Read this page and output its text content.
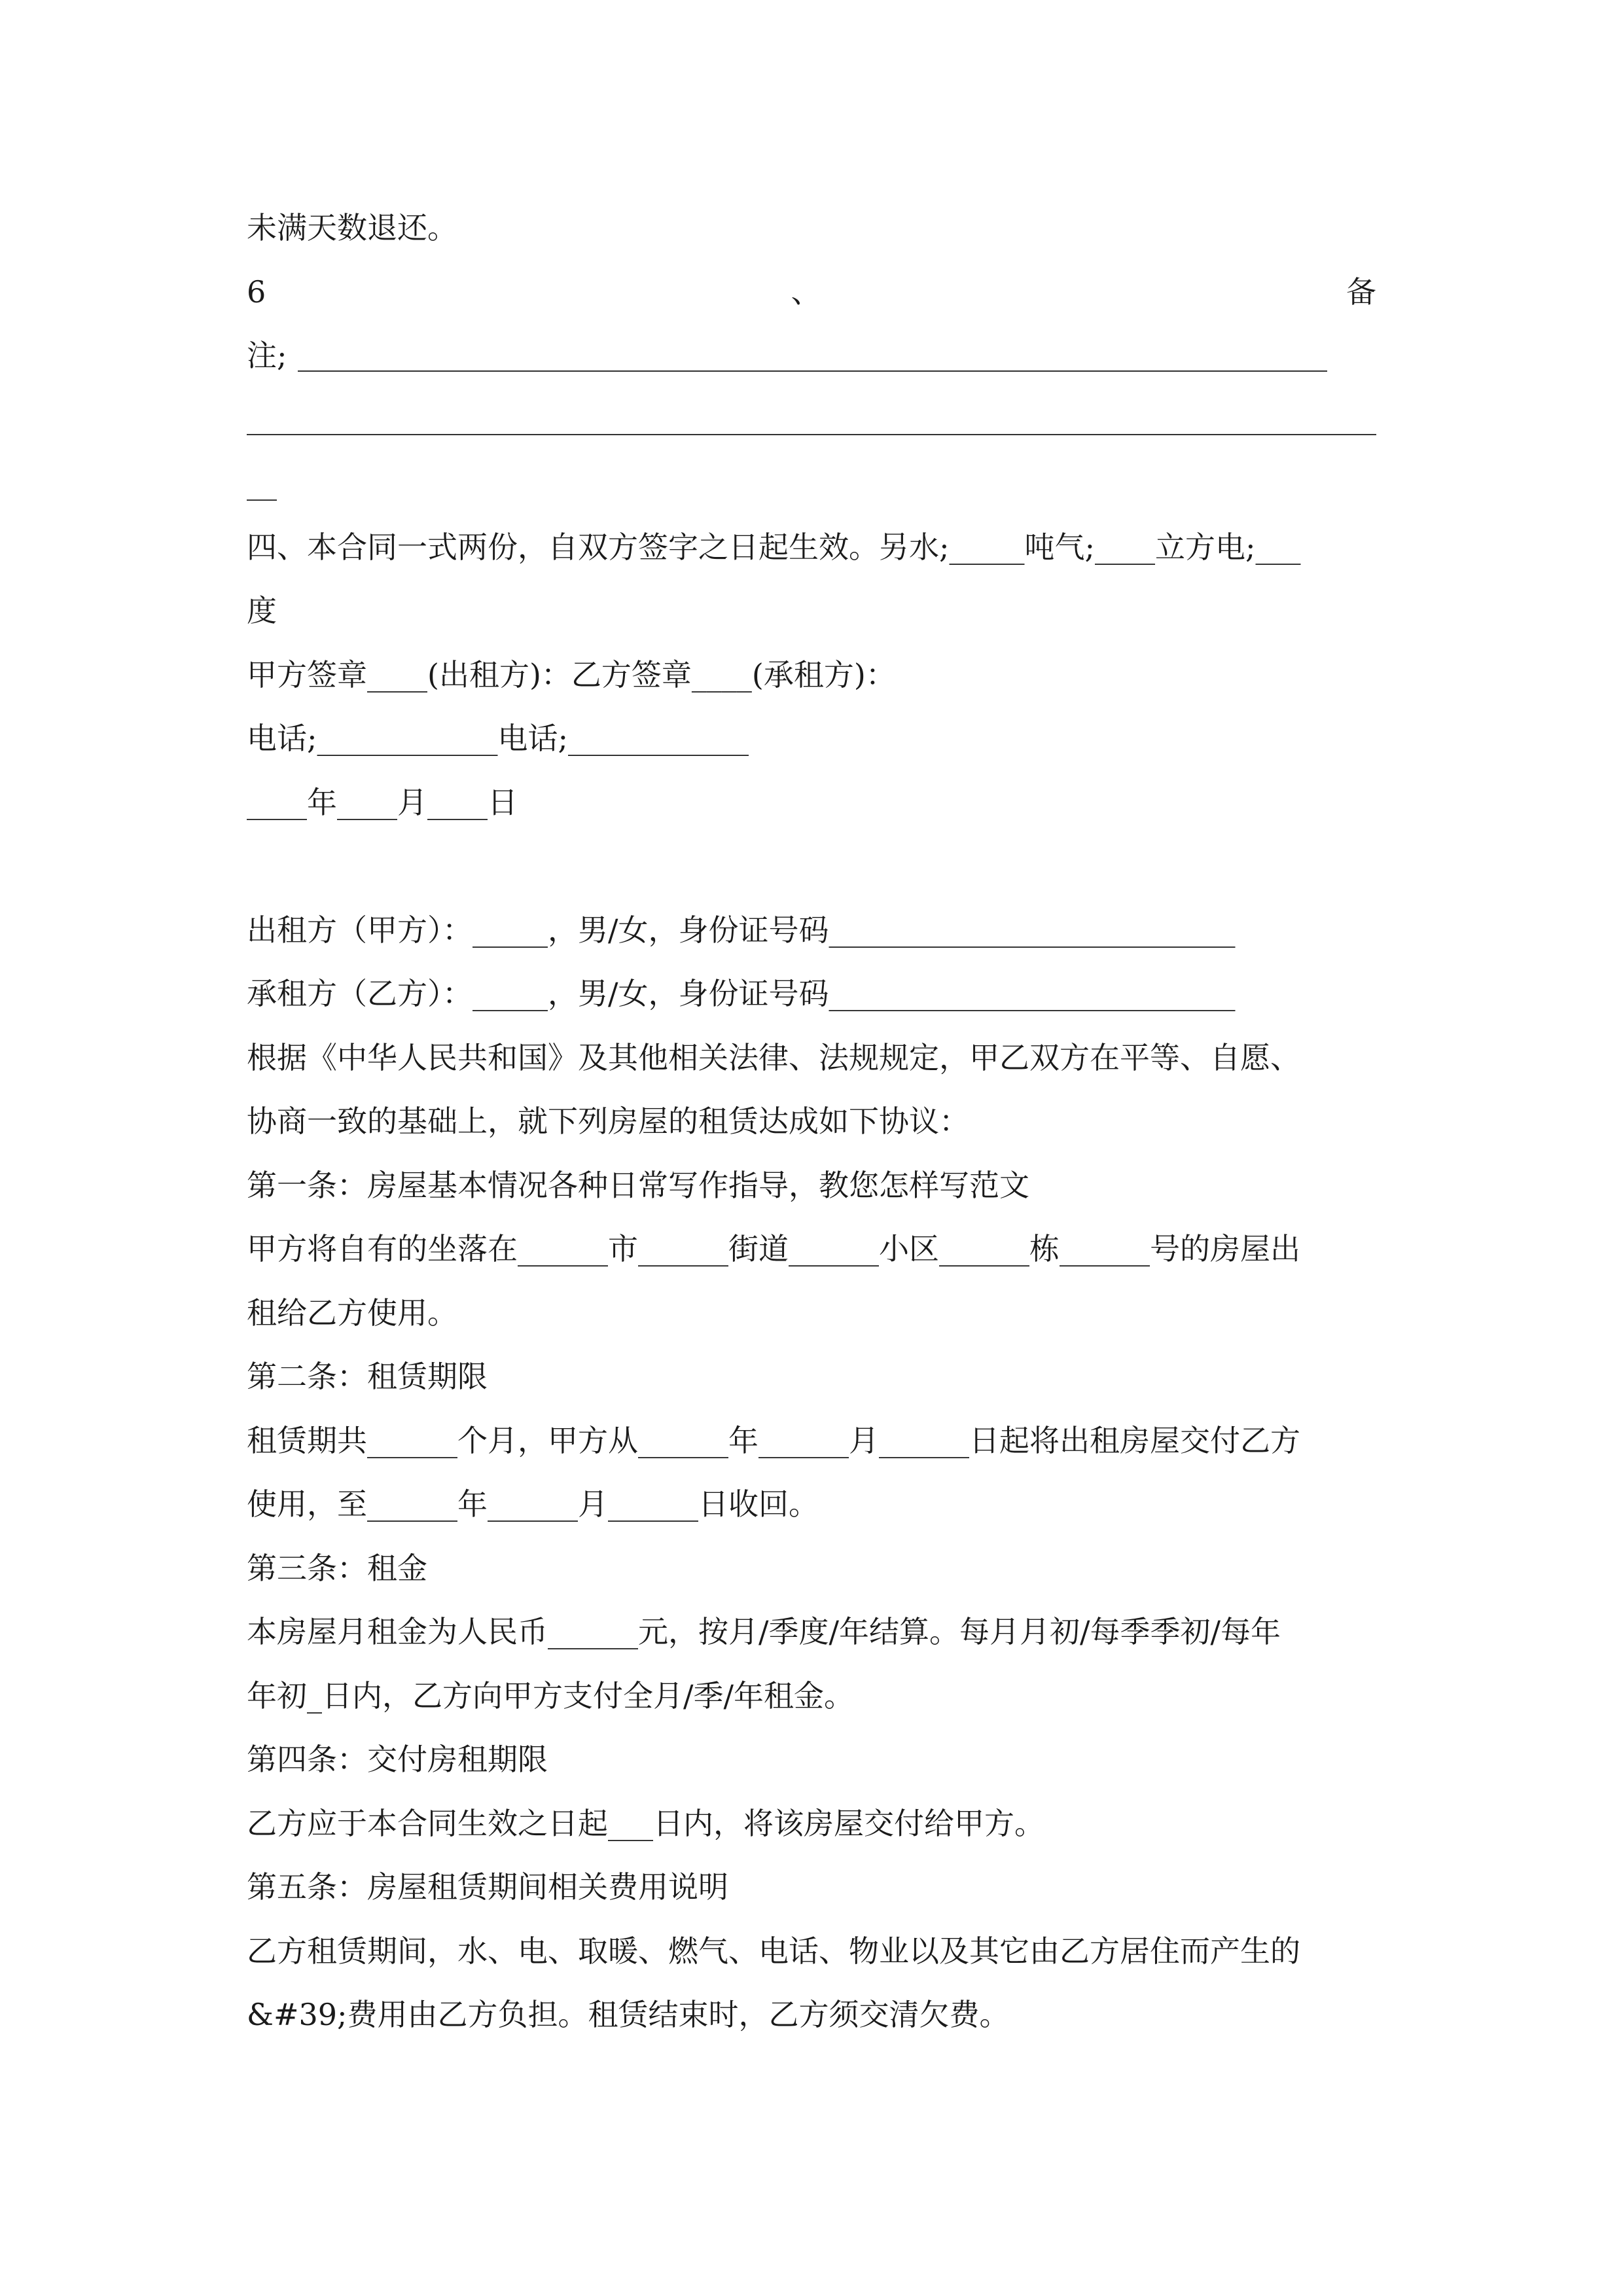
未满天数退还。
6	、	备
注;
__
四、本合同一式两份，自双方签字之日起生效。另水;_____吨气;____立方电;___
度
甲方签章____(出租方)：乙方签章____(承租方)：
电话;____________电话;____________
____年____月____日
出租方（甲方）：_____，男/女，身份证号码___________________________
承租方（乙方）：_____，男/女，身份证号码___________________________
根据《中华人民共和国》及其他相关法律、法规规定，甲乙双方在平等、自愿、
协商一致的基础上，就下列房屋的租赁达成如下协议：
第一条：房屋基本情况各种日常写作指导，教您怎样写范文
甲方将自有的坐落在______市______街道______小区______栋______号的房屋出
租给乙方使用。
第二条：租赁期限
租赁期共______个月，甲方从______年______月______日起将出租房屋交付乙方
使用，至______年______月______日收回。
第三条：租金
本房屋月租金为人民币______元，按月/季度/年结算。每月月初/每季季初/每年
年初_日内，乙方向甲方支付全月/季/年租金。
第四条：交付房租期限
乙方应于本合同生效之日起___日内，将该房屋交付给甲方。
第五条：房屋租赁期间相关费用说明
乙方租赁期间，水、电、取暖、燃气、电话、物业以及其它由乙方居住而产生的
&#39;费用由乙方负担。租赁结束时，乙方须交清欠费。
